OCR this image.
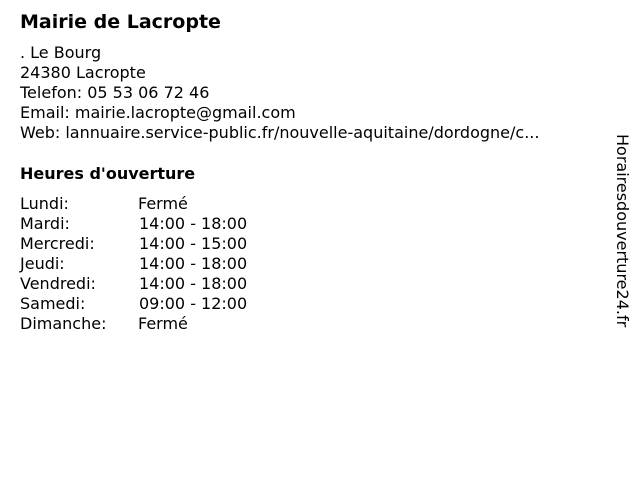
Mairie de Lacropte
. Le Bourg
24380 Lacropte
Telefon: 05 53 06 72 46
Email: mairie.lacropte@gmail.com
Web: lannuaire.service-public.fr/nouvelle-aquitaine/dordogne/c...
Heures d'ouverture
Lundi:	Fermé
Mardi:	14:00 - 18:00
Mercredi:	14:00 - 15:00
Jeudi:	14:00 - 18:00
Vendredi:	14:00 - 18:00
Samedi:	09:00 - 12:00
Dimanche: Fermé	Horairesdouverture24.fr
